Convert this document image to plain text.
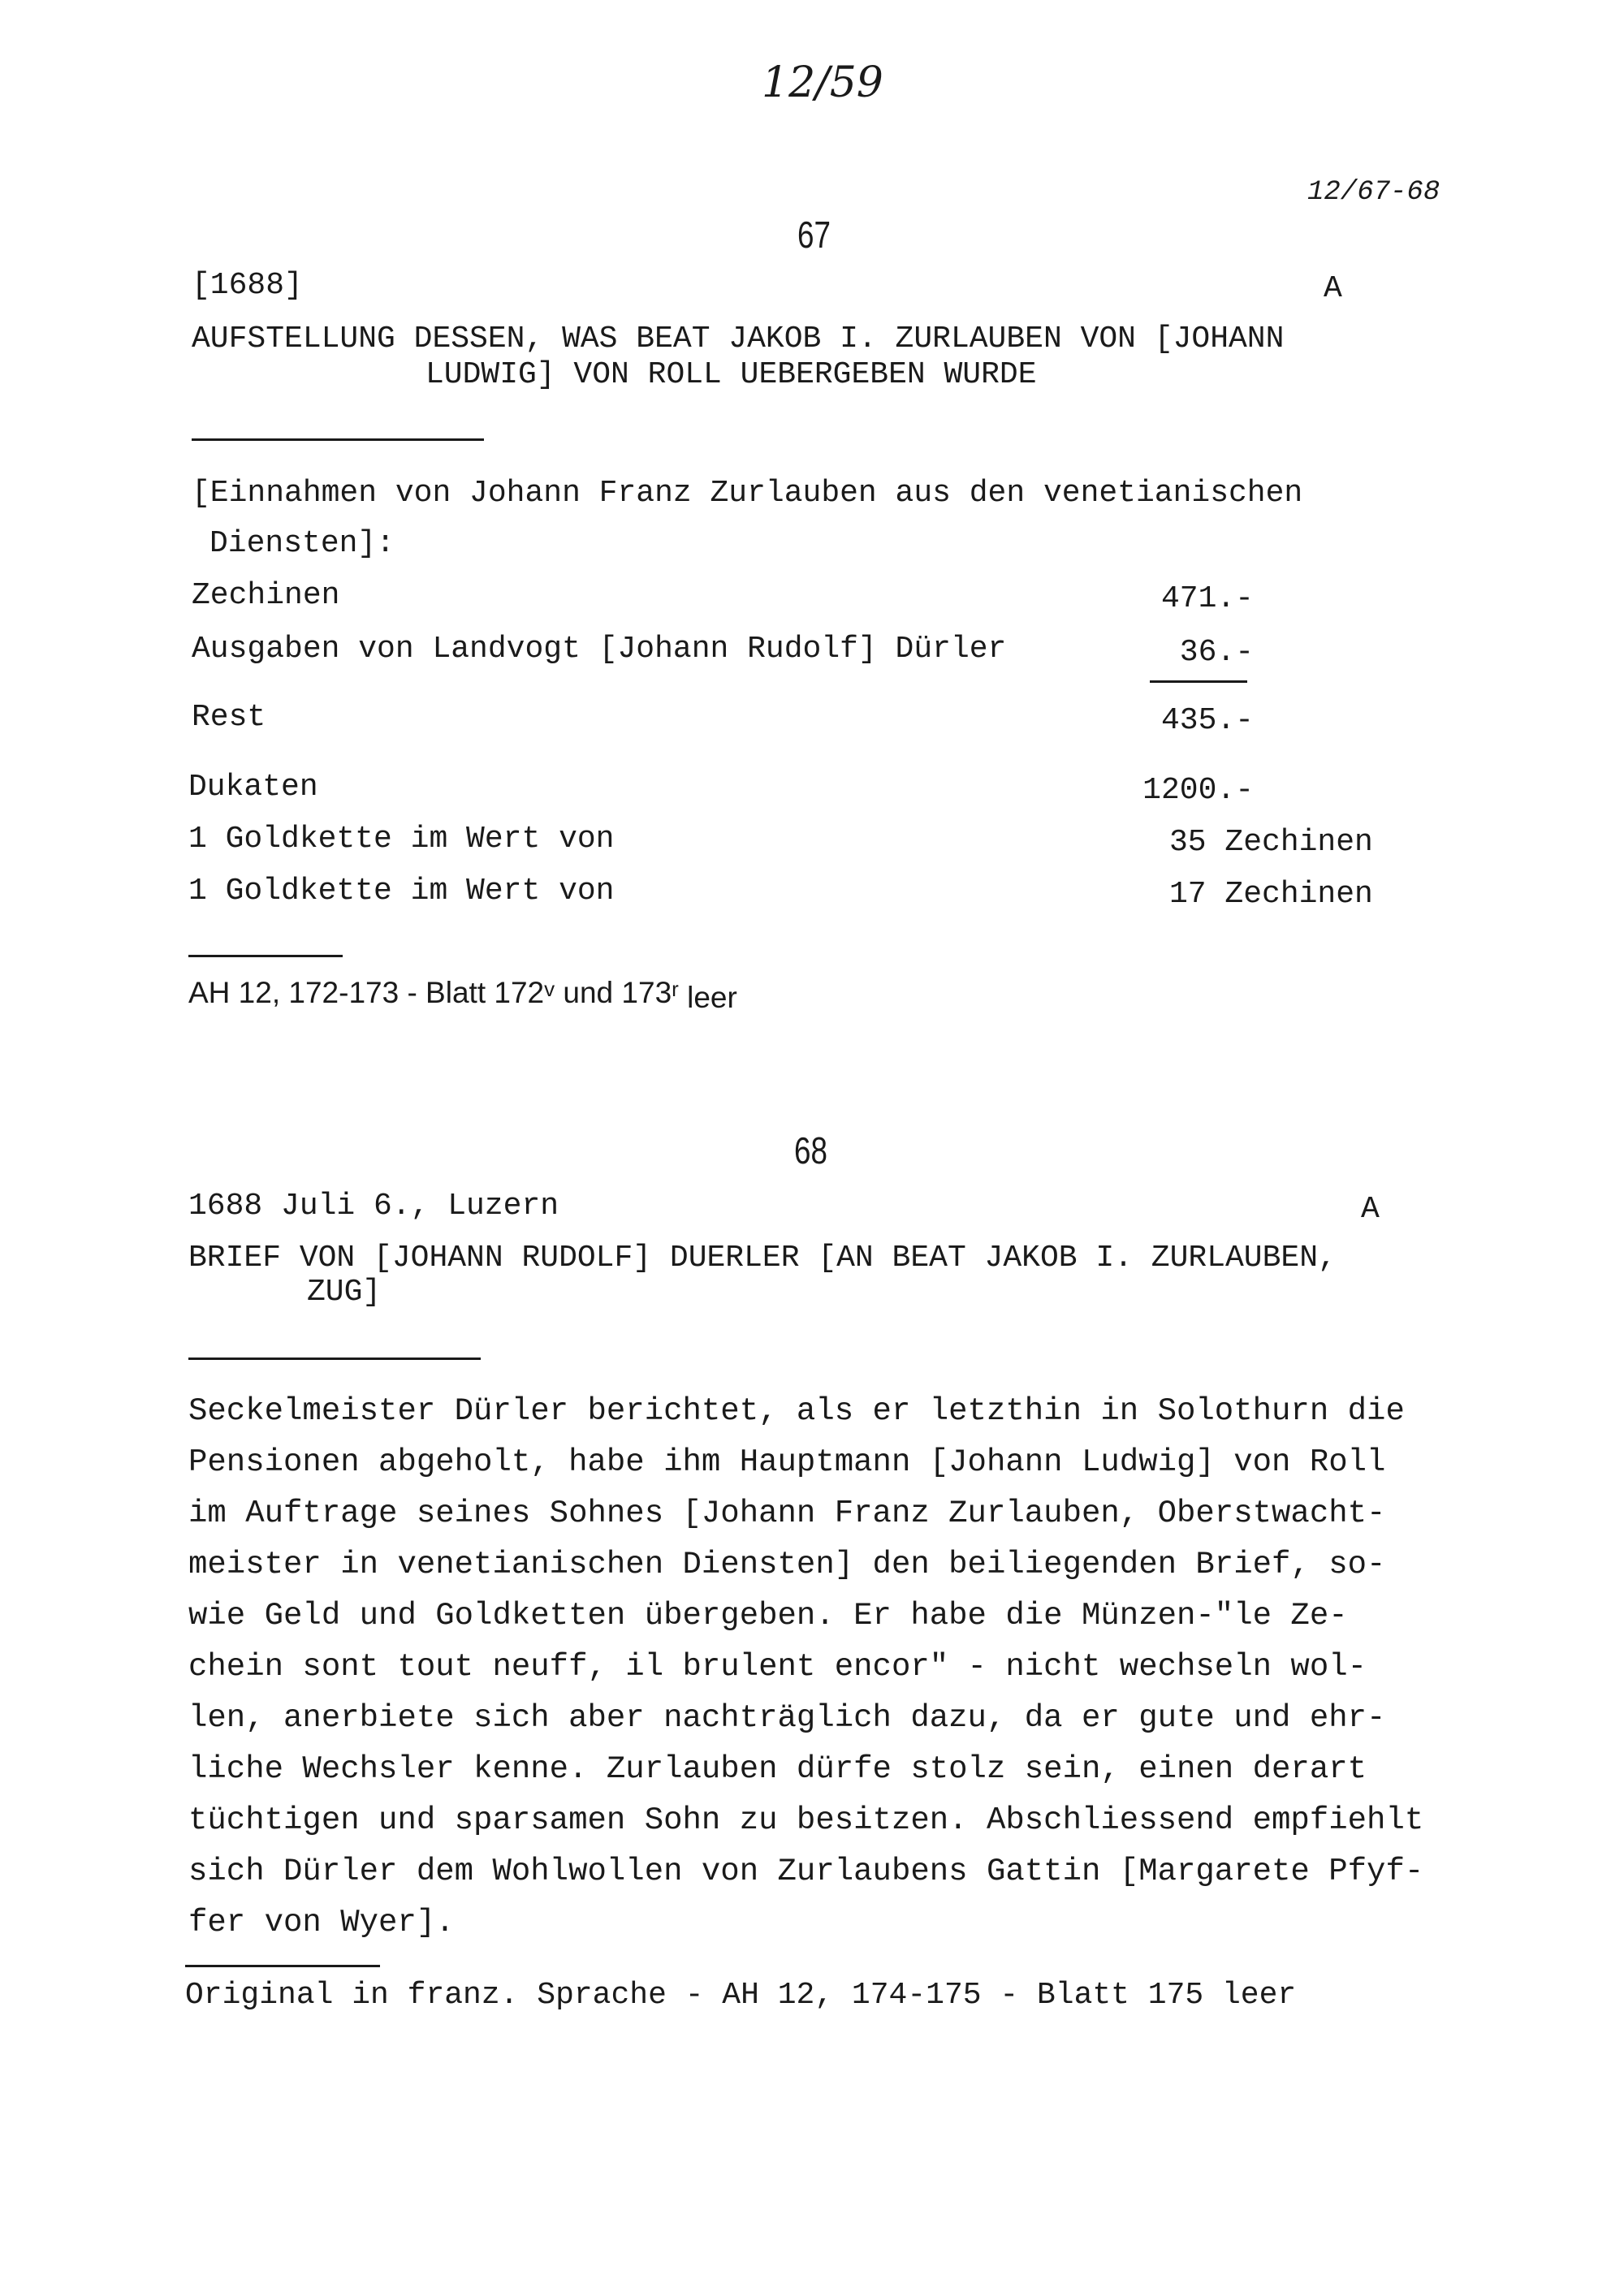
12/59
12/67-68
67
[1688]	A
AUFSTELLUNG DESSEN, WAS BEAT JAKOB I. ZURLAUBEN VON [JOHANN
LUDWIG] VON ROLL UEBERGEBEN WURDE
[Einnahmen von Johann Franz Zurlauben aus den venetianischen
Diensten]:
Zechinen	471.-
Ausgaben von Landvogt [Johann Rudolf] Dürler	36.-
Rest	435.-
Dukaten	1200.-
1 Goldkette im Wert von	35 Zechinen
1 Goldkette im Wert von	17 Zechinen
AH 12, 172-173 - Blatt 172$^v$ und 173$^r$ leer
68
1688 Juli 6., Luzern	A
BRIEF VON [JOHANN RUDOLF] DUERLER [AN BEAT JAKOB I. ZURLAUBEN,
ZUG]
Seckelmeister Dürler berichtet, als er letzthin in Solothurn die
Pensionen abgeholt, habe ihm Hauptmann [Johann Ludwig] von Roll
im Auftrage seines Sohnes [Johann Franz Zurlauben, Oberstwacht-
meister in venetianischen Diensten] den beiliegenden Brief, so-
wie Geld und Goldketten übergeben. Er habe die Münzen-"le Ze-
chein sont tout neuff, il brulent encor" - nicht wechseln wol-
len, anerbiete sich aber nachträglich dazu, da er gute und ehr-
liche Wechsler kenne. Zurlauben dürfe stolz sein, einen derart
tüchtigen und sparsamen Sohn zu besitzen. Abschliessend empfiehlt
sich Dürler dem Wohlwollen von Zurlaubens Gattin [Margarete Pfyf-
fer von Wyer].
Original in franz. Sprache - AH 12, 174-175 - Blatt 175 leer
